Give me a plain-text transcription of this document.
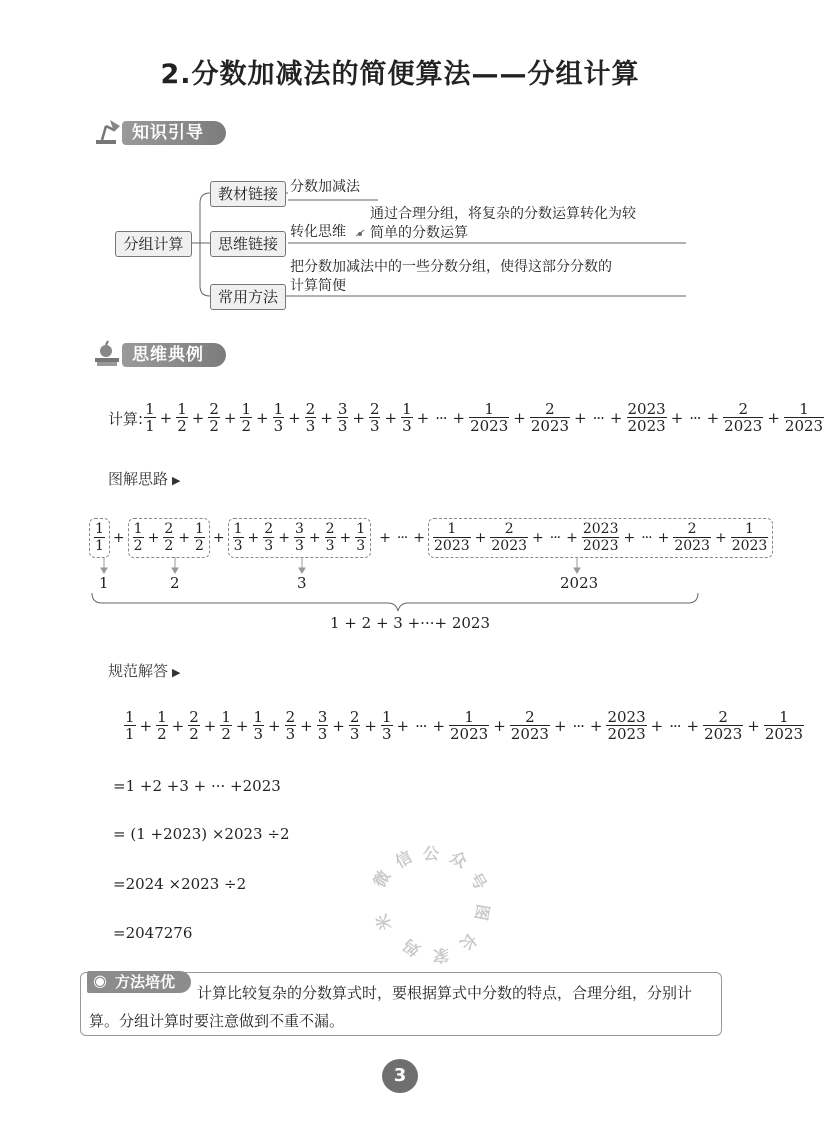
2.分数加减法的简便算法——分组计算
知识引导
分组计算
教材链接
思维链接
常用方法
分数加减法
转化思维
通过合理分组，将复杂的分数运算转化为较
简单的分数运算
把分数加减法中的一些分数分组，使得这部分分数的
计算简便
思维典例
计算: $\frac{1}{1} + \frac{1}{2} + \frac{2}{2} + \frac{1}{2} + \frac{1}{3} + \frac{2}{3} + \frac{3}{3} + \frac{2}{3} + \frac{1}{3}$ + ··· + $\frac{1}{2023} + \frac{2}{2023}$ + ··· + $\frac{2023}{2023}$ + ··· + $\frac{2}{2023} + \frac{1}{2023}$
图解思路 ▶
$\frac{1}{1} + \frac{1}{2} + \frac{2}{2} + \frac{1}{2} + \frac{1}{3} + \frac{2}{3} + \frac{3}{3} + \frac{2}{3} + \frac{1}{3}$ + ··· + $\frac{1}{2023} + \frac{2}{2023}$ + ··· + $\frac{2023}{2023}$ + ··· + $\frac{2}{2023} + \frac{1}{2023}$
1	2	3	2023
1 + 2 + 3 +···+ 2023
规范解答 ▶
$\frac{1}{1} + \frac{1}{2} + \frac{2}{2} + \frac{1}{2} + \frac{1}{3} + \frac{2}{3} + \frac{3}{3} + \frac{2}{3} + \frac{1}{3}$ + ··· + $\frac{1}{2023} + \frac{2}{2023}$ + ··· + $\frac{2023}{2023}$ + ··· + $\frac{2}{2023} + \frac{1}{2023}$
=1 +2 +3 + ··· +2023
= (1 +2023) ×2023 ÷2
=2024 ×2023 ÷2
=2047276
微
信 公 众
号
图
长
家
妈
米
◉ 方法培优
计算比较复杂的分数算式时，要根据算式中分数的特点，合理分组，分别计
算。分组计算时要注意做到不重不漏。
3
